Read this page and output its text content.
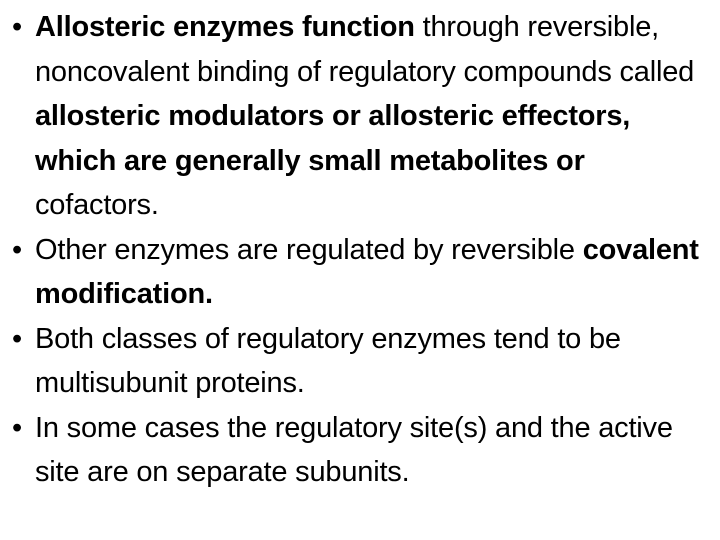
• Allosteric enzymes function through reversible, noncovalent binding of regulatory compounds called allosteric modulators or allosteric effectors, which are generally small metabolites or cofactors.
• Other enzymes are regulated by reversible covalent modification.
• Both classes of regulatory enzymes tend to be multisubunit proteins.
• In some cases the regulatory site(s) and the active site are on separate subunits.
